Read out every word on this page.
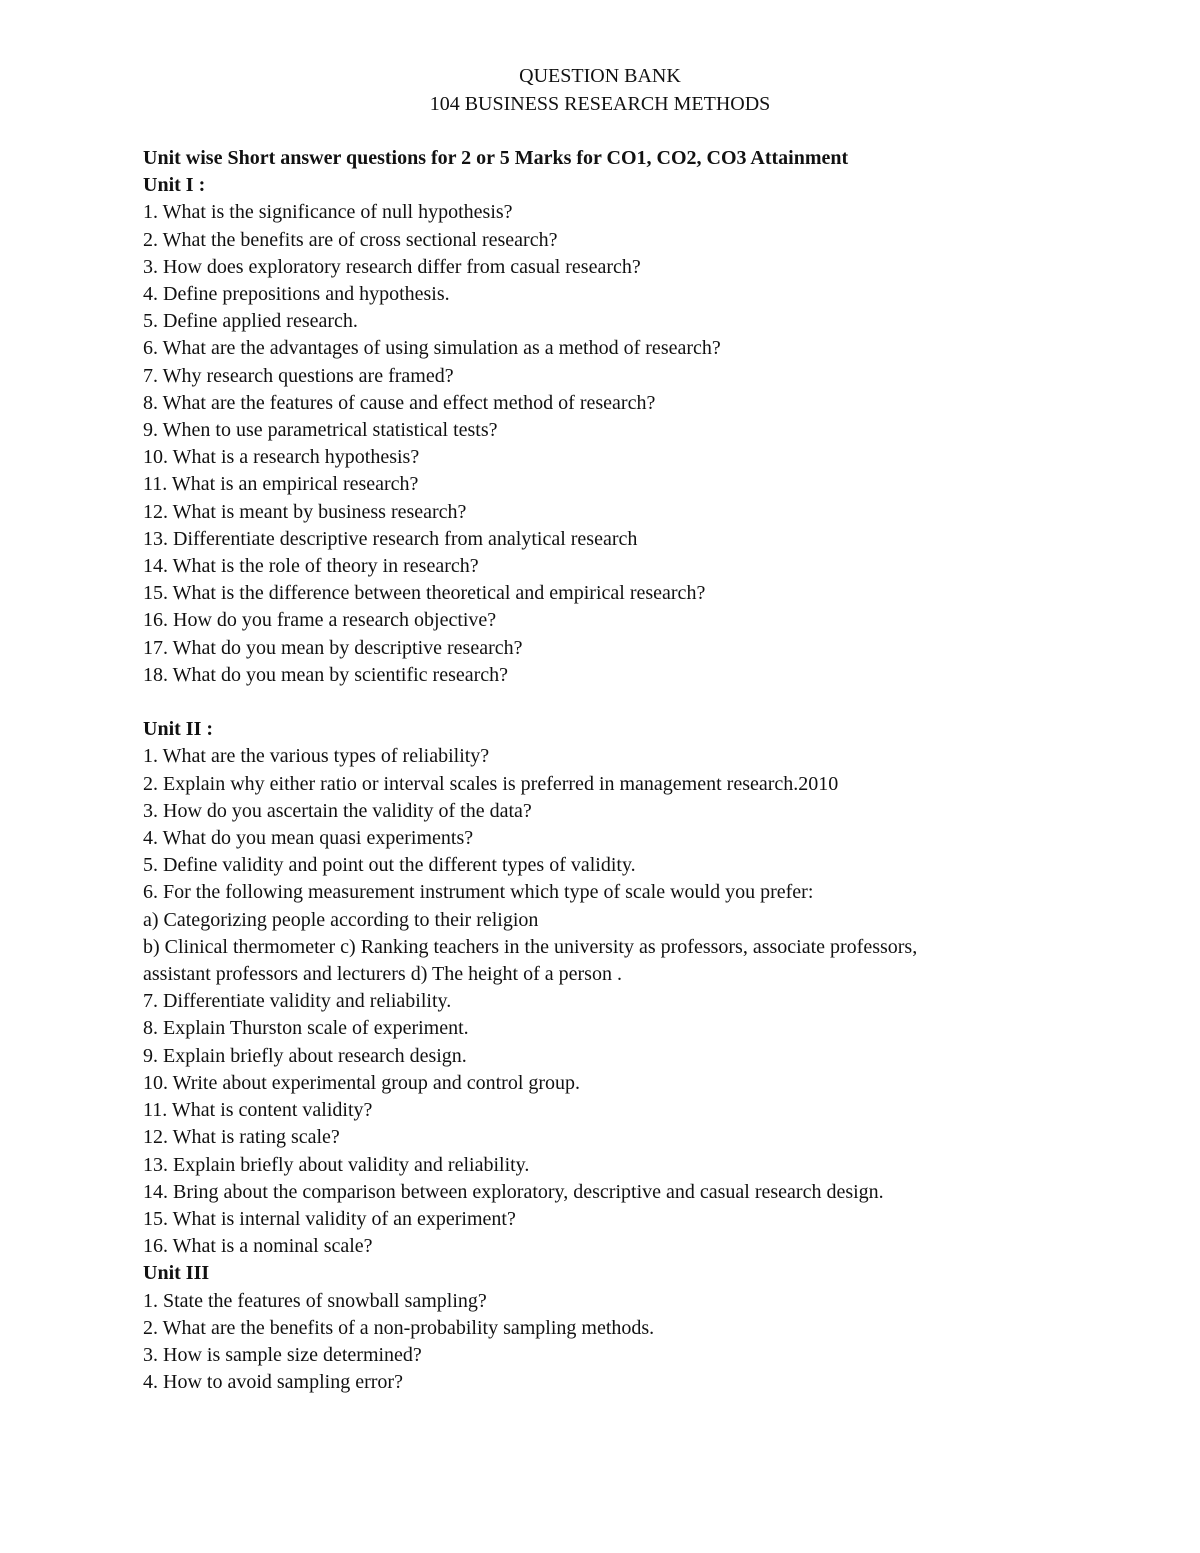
QUESTION BANK
104 BUSINESS RESEARCH METHODS
Unit wise Short answer questions for 2 or 5 Marks for CO1, CO2, CO3 Attainment
Unit I :
1. What is the significance of null hypothesis?
2. What the benefits are of cross sectional research?
3. How does exploratory research differ from casual research?
4. Define prepositions and hypothesis.
5. Define applied research.
6. What are the advantages of using simulation as a method of research?
7. Why research questions are framed?
8. What are the features of cause and effect method of research?
9. When to use parametrical statistical tests?
10. What is a research hypothesis?
11. What is an empirical research?
12. What is meant by business research?
13. Differentiate descriptive research from analytical research
14. What is the role of theory in research?
15. What is the difference between theoretical and empirical research?
16. How do you frame a research objective?
17. What do you mean by descriptive research?
18. What do you mean by scientific research?
Unit II :
1. What are the various types of reliability?
2. Explain why either ratio or interval scales is preferred in management research.2010
3. How do you ascertain the validity of the data?
4. What do you mean quasi experiments?
5. Define validity and point out the different types of validity.
6. For the following measurement instrument which type of scale would you prefer:
a) Categorizing people according to their religion
b) Clinical thermometer c) Ranking teachers in the university as professors, associate professors,
assistant professors and lecturers d) The height of a person .
7. Differentiate validity and reliability.
8. Explain Thurston scale of experiment.
9. Explain briefly about research design.
10. Write about experimental group and control group.
11. What is content validity?
12. What is rating scale?
13. Explain briefly about validity and reliability.
14. Bring about the comparison between exploratory, descriptive and casual research design.
15. What is internal validity of an experiment?
16. What is a nominal scale?
Unit III
1. State the features of snowball sampling?
2. What are the benefits of a non-probability sampling methods.
3. How is sample size determined?
4. How to avoid sampling error?
